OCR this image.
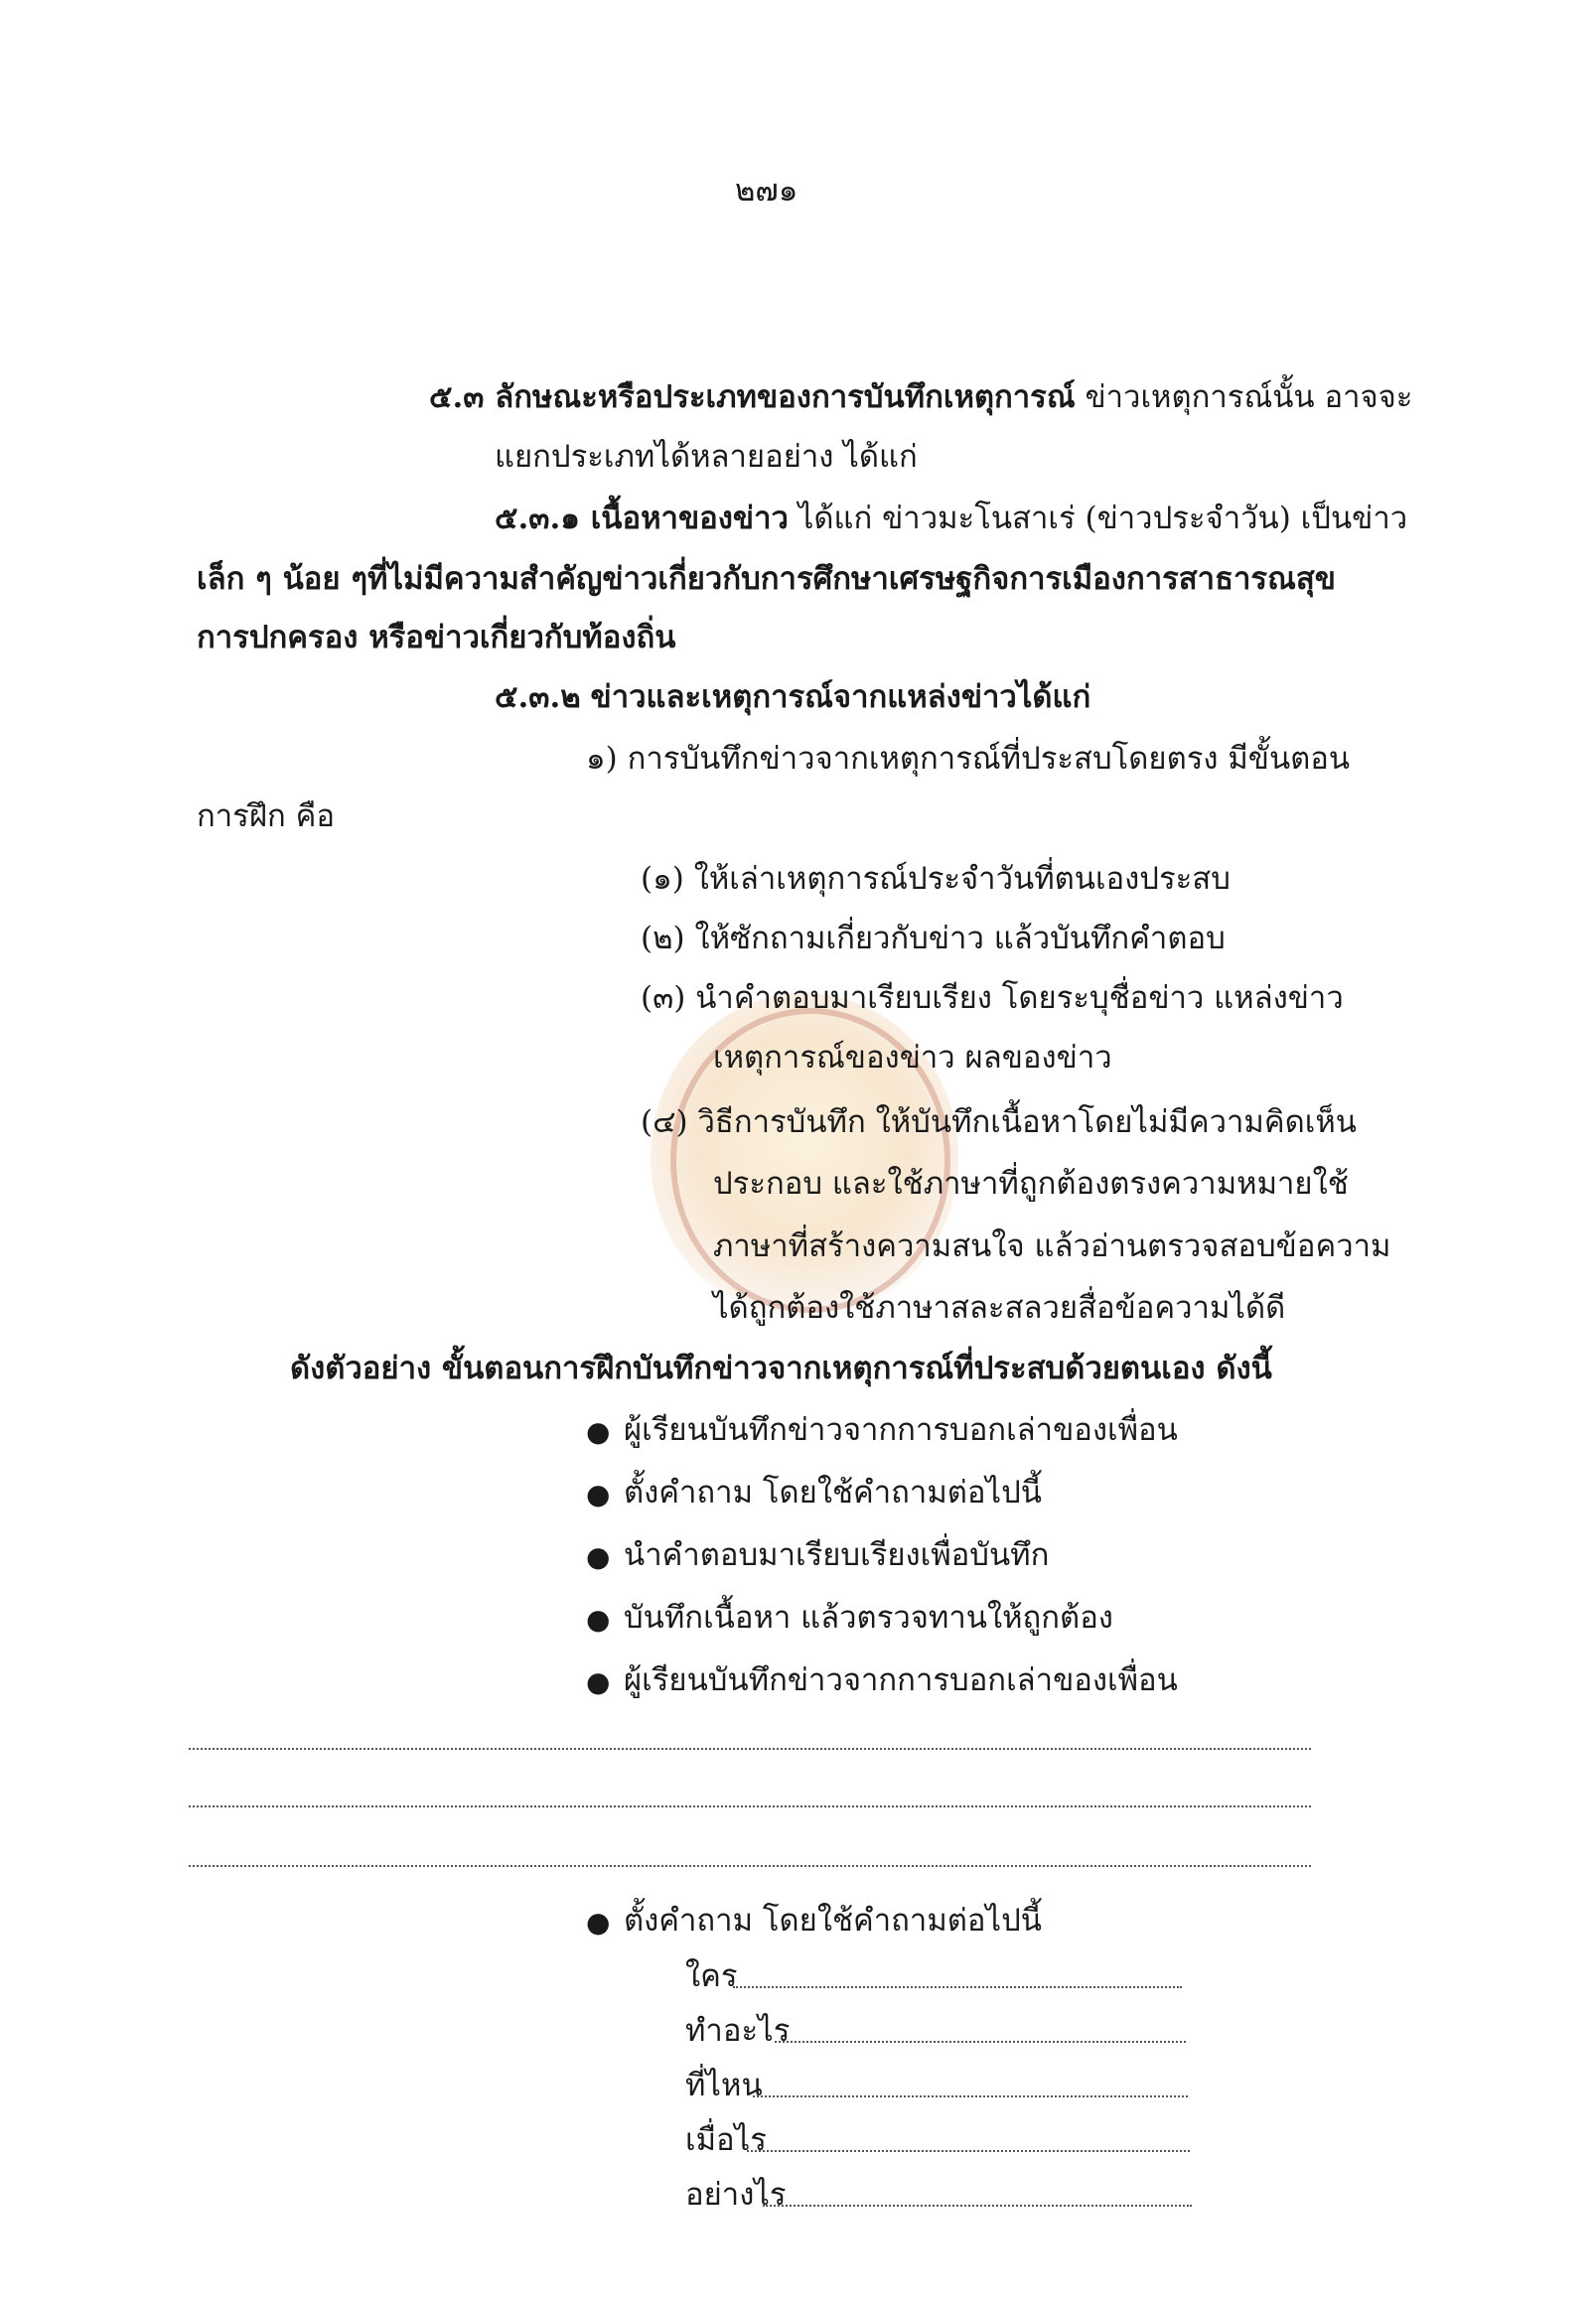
๒๗๑
๕.๓ ลักษณะหรือประเภทของการบันทึกเหตุการณ์ ข่าวเหตุการณ์นั้น อาจจะ
แยกประเภทได้หลายอย่าง ได้แก่
๕.๓.๑ เนื้อหาของข่าว ได้แก่ ข่าวมะโนสาเร่ (ข่าวประจำวัน) เป็นข่าว
เล็ก ๆ น้อย ๆ ที่ไม่มีความสำคัญ ข่าวเกี่ยวกับการศึกษา เศรษฐกิจ การเมือง การสาธารณสุข
การปกครอง หรือข่าวเกี่ยวกับท้องถิ่น
๕.๓.๒ ข่าวและเหตุการณ์จากแหล่งข่าวได้แก่
๑) การบันทึกข่าวจากเหตุการณ์ที่ประสบโดยตรง มีขั้นตอน
การฝึก คือ
(๑) ให้เล่าเหตุการณ์ประจำวันที่ตนเองประสบ
(๒) ให้ซักถามเกี่ยวกับข่าว แล้วบันทึกคำตอบ
(๓) นำคำตอบมาเรียบเรียง โดยระบุชื่อข่าว แหล่งข่าว
เหตุการณ์ของข่าว ผลของข่าว
(๔) วิธีการบันทึก ให้บันทึกเนื้อหาโดยไม่มีความคิดเห็น
ประกอบ และใช้ภาษาที่ถูกต้องตรงความหมายใช้
ภาษาที่สร้างความสนใจ แล้วอ่านตรวจสอบข้อความ
ได้ถูกต้องใช้ภาษาสละสลวยสื่อข้อความได้ดี
ดังตัวอย่าง ขั้นตอนการฝึกบันทึกข่าวจากเหตุการณ์ที่ประสบด้วยตนเอง ดังนี้
● ผู้เรียนบันทึกข่าวจากการบอกเล่าของเพื่อน
● ตั้งคำถาม โดยใช้คำถามต่อไปนี้
● นำคำตอบมาเรียบเรียงเพื่อบันทึก
● บันทึกเนื้อหา แล้วตรวจทานให้ถูกต้อง
● ผู้เรียนบันทึกข่าวจากการบอกเล่าของเพื่อน
● ตั้งคำถาม โดยใช้คำถามต่อไปนี้
ใคร
ทำอะไร
ที่ไหน
เมื่อไร
อย่างไร
